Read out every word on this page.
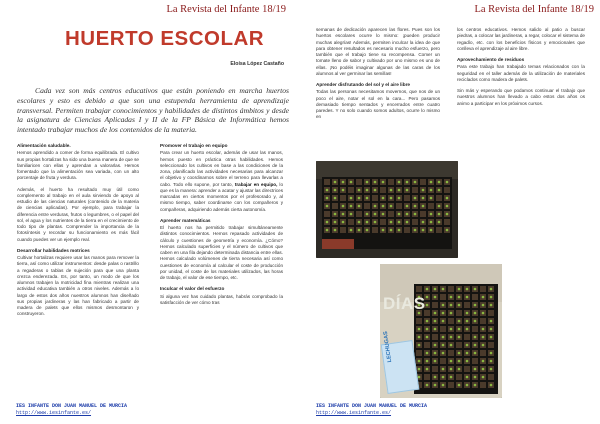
La Revista del Infante 18/19
HUERTO ESCOLAR
Eloísa López Castaño
Cada vez son más centros educativos que están poniendo en marcha huertos escolares y esto es debido a que son una estupenda herramienta de aprendizaje transversal. Permiten trabajar conocimientos y habilidades de distintos ámbitos y desde la asignatura de Ciencias Aplicadas I y II de la FP Básica de Informática hemos intentado trabajar muchos de los contenidos de la materia.
Alimentación saludable.

Hemos aprendido a comer de forma equilibrada. El cultivo sus propias hortalizas ha sido una buena manera de que se familiaricen con ellas y aprendan a valorarlas. Hemos fomentado que la alimentación sea variada, con un alto porcentaje de fruta y verdura.

Además, el huerto ha resultado muy útil como complemento al trabajo en el aula sirviendo de apoyo al estudio de las ciencias naturales (contenido de la materia de ciencias aplicadas). Por ejemplo, para trabajar la diferencia entre verduras, frutos o legumbres, o el papel del sol, el agua y los nutrientes de la tierra en el crecimiento de todo tipo de plantas. Comprender la importancia de la fotosíntesis y recordar su funcionamiento es más fácil cuando puedes ver un ejemplo real.

Desarrollar habilidades motrices

Cultivar hortalizas requiere usar las manos para remover la tierra, así como utilizar instrumentos: desde palas o rastrillo a regaderas o tablas de sujeción para que una planta crezca enderezada. Es, por tanto, un modo de que los alumnos trabajen la motricidad fina mientras realizan una actividad educativa también a otros niveles. Además a lo largo de estos dos años nuestros alumnos han diseñado sus propias jardineras y las han fabricado a partir de madera de palets que ellos mismos desmontaron y construyeron.

Promover el trabajo en equipo

Para crear un huerto escolar, además de usar las manos, hemos puesto en práctica otras habilidades. Hemos seleccionado los cultivos en base a las condiciones de la zona, planificado las actividades necesarias para alcanzar el objetivo y coordinarnos sobre el terreno para llevarlas a cabo. Todo ello supone, por tanto, trabajar en equipo, lo que es la manera: aprender a acatar y ajustar las directrices marcadas en ciertos momentos por el profesorado y, al mismo tiempo, saber coordinarse con los compañeros y compañeras, adquiriendo además cierta autonomía.

Aprender matemáticas

El huerto nos ha permitido trabajar simultáneamente distintos conocimientos. Hemos repasado actividades de cálculo y cuestiones de geometría y economía. ¿Cómo? Hemos calculado superficies y el número de cultivos que caben en una fila dejando determinada distancia entre ellas. Hemos calculado volúmenes de tierra necesaria así como cuestiones de economía al calcular el coste de producción por unidad, el coste de los materiales utilizados, las horas de trabajo, el valor de ese tiempo, etc.

Inculcar el valor del esfuerzo

Si alguna vez has cuidado plantas, habrás comprobado la satisfacción de ver cómo tras

IES INFANTE DON JUAN MANUEL DE MURCIA
http://www.iesinfante.es/
La Revista del Infante 18/19

semanas de dedicación aparecen las flores. Pues son los huertos escolares ocurre lo mismo: ¡pueden producir muchas alegrías! Además, permiten inculcar la idea de que para obtener resultados es necesario mucho esfuerzo, pero también que el trabajo tiene su recompensa. Comer un tomate lleno de sabor y cultivado por uno mismo es uno de ellas. ¡No podéis imaginar algunas de las caras de los alumnos al ver germinar las semillas!

Aprender disfrutando del sol y el aire libre

Todas las personas necesitamos movernos, que nos de un poco el aire, notar el sol en la cara... Pero pasamos demasiado tiempo sentados y encerrados entre cuatro paredes. Y no solo cuando somos adultos, ocurre lo mismo en

los centros educativos. Hemos salido al patio a buscar piedras, a colocar las jardineras, a regar, colocar el sistema de regadío, etc. con los beneficios físicos y emocionales que conlleva el aprendizaje al aire libre.

Aprovechamiento de residuos

Para este trabajo han trabajado temas relacionados con la seguridad en el taller además de la utilización de materiales reciclados como madera de palets.

Sin más y esperando que podamos continuar el trabajo que nuestros alumnos han llevado a cabo estos dos años os animo a participar en los próximos cursos.

DÍAS
LECHUGAS
IES INFANTE DON JUAN MANUEL DE MURCIA
http://www.iesinfante.es/
